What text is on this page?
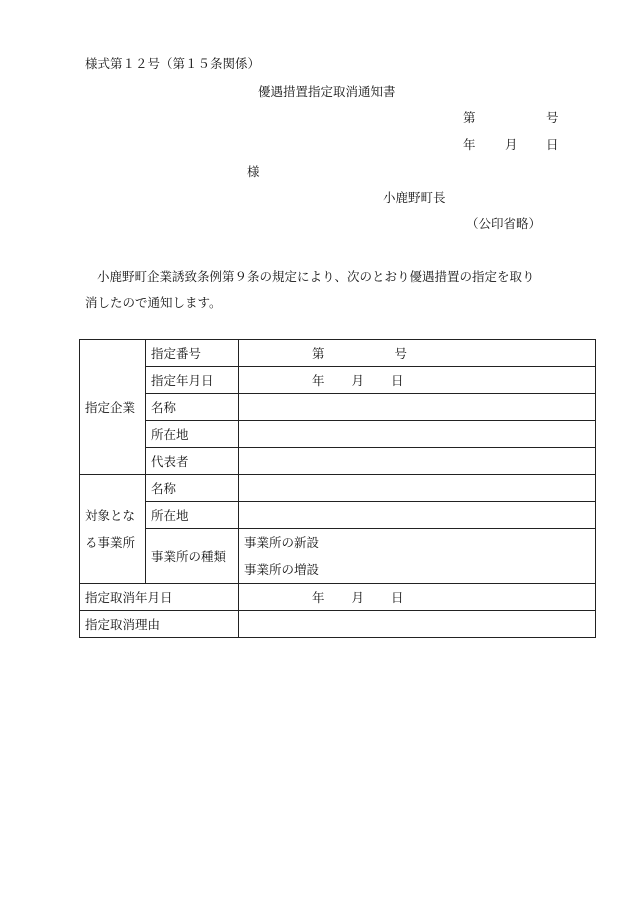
様式第１２号（第１５条関係）
優遇措置指定取消通知書
第	号
年 月 日
様
小鹿野町長
（公印省略）
小鹿野町企業誘致条例第９条の規定により、次のとおり優遇措置の指定を取り
消したので通知します。
指定企業	指定番号	第 号
	指定年月日	年 月 日
	名称	
	所在地	
	代表者	

対象とな
る事業所	名称	
	所在地	
	事業所の種類	事業所の新設
事業所の増設

指定取消年月日		年 月 日
指定取消理由		
